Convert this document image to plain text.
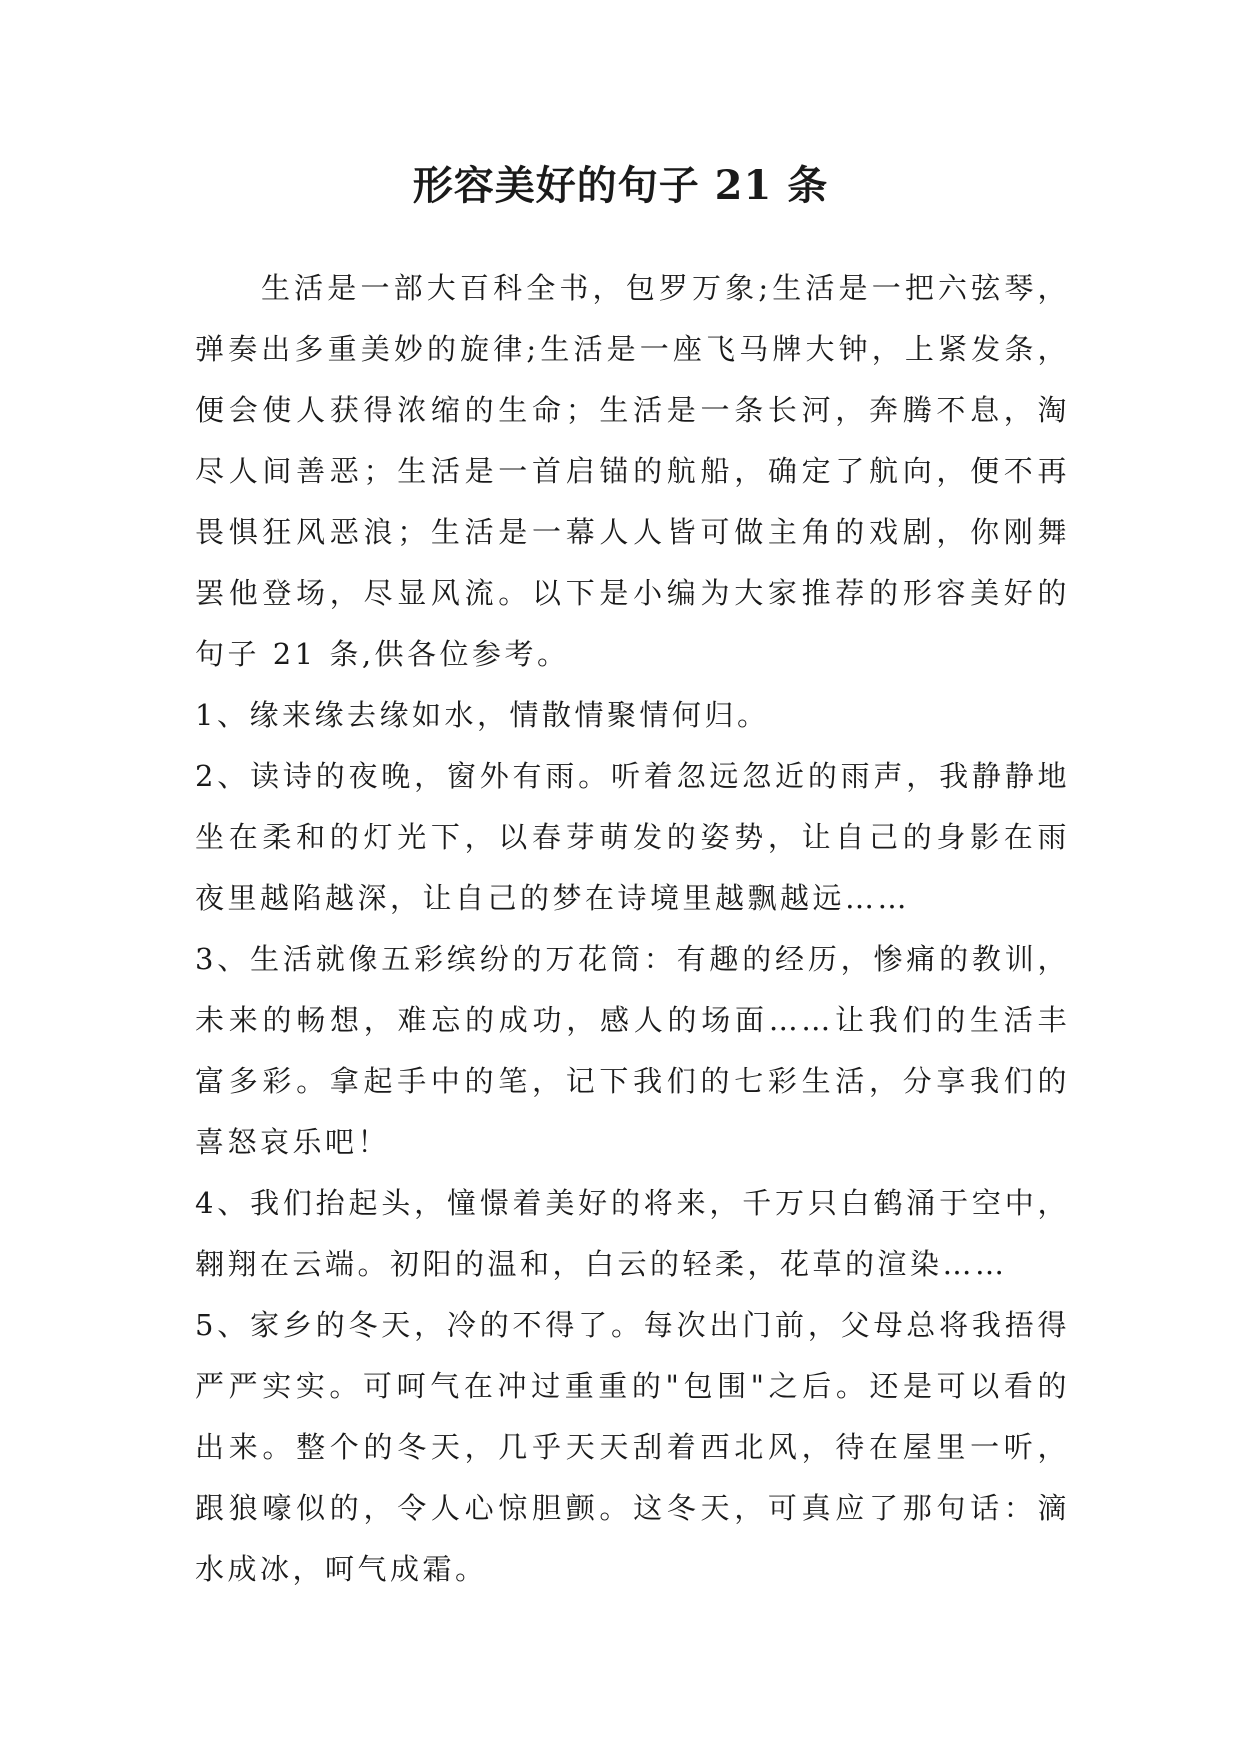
形容美好的句子 21 条

生活是一部大百科全书，包罗万象;生活是一把六弦琴，弹奏出多重美妙的旋律;生活是一座飞马牌大钟，上紧发条，便会使人获得浓缩的生命；生活是一条长河，奔腾不息，淘尽人间善恶；生活是一首启锚的航船，确定了航向，便不再畏惧狂风恶浪；生活是一幕人人皆可做主角的戏剧，你刚舞罢他登场，尽显风流。以下是小编为大家推荐的形容美好的句子 21 条,供各位参考。

1、缘来缘去缘如水，情散情聚情何归。

2、读诗的夜晚，窗外有雨。听着忽远忽近的雨声，我静静地坐在柔和的灯光下，以春芽萌发的姿势，让自己的身影在雨夜里越陷越深，让自己的梦在诗境里越飘越远……

3、生活就像五彩缤纷的万花筒：有趣的经历，惨痛的教训，未来的畅想，难忘的成功，感人的场面……让我们的生活丰富多彩。拿起手中的笔，记下我们的七彩生活，分享我们的喜怒哀乐吧！

4、我们抬起头，憧憬着美好的将来，千万只白鹤涌于空中，翱翔在云端。初阳的温和，白云的轻柔，花草的渲染……

5、家乡的冬天，冷的不得了。每次出门前，父母总将我捂得严严实实。可呵气在冲过重重的"包围"之后。还是可以看的出来。整个的冬天，几乎天天刮着西北风，待在屋里一听，跟狼嚎似的，令人心惊胆颤。这冬天，可真应了那句话：滴水成冰，呵气成霜。
